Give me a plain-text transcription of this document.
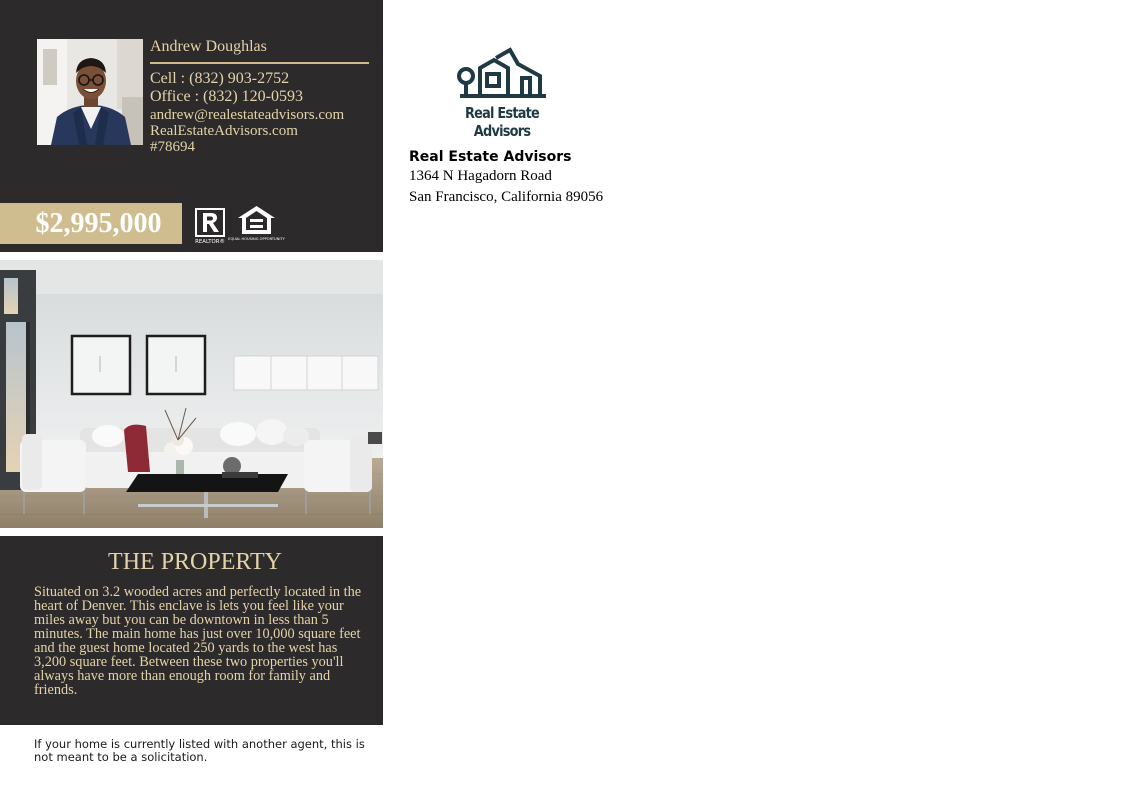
Andrew Doughlas
Cell : (832) 903-2752
Office : (832) 120-0593
andrew@realestateadvisors.com
RealEstateAdvisors.com
#78694
$2,995,000
REALTOR® EQUAL HOUSING OPPORTUNITY
THE PROPERTY
Situated on 3.2 wooded acres and perfectly located in the heart of Denver. This enclave is lets you feel like your miles away but you can be downtown in less than 5 minutes. The main home has just over 10,000 square feet and the guest home located 250 yards to the west has 3,200 square feet. Between these two properties you'll always have more than enough room for family and friends.
If your home is currently listed with another agent, this is not meant to be a solicitation.
Real Estate Advisors
Real Estate Advisors
1364 N Hagadorn Road
San Francisco, California 89056
